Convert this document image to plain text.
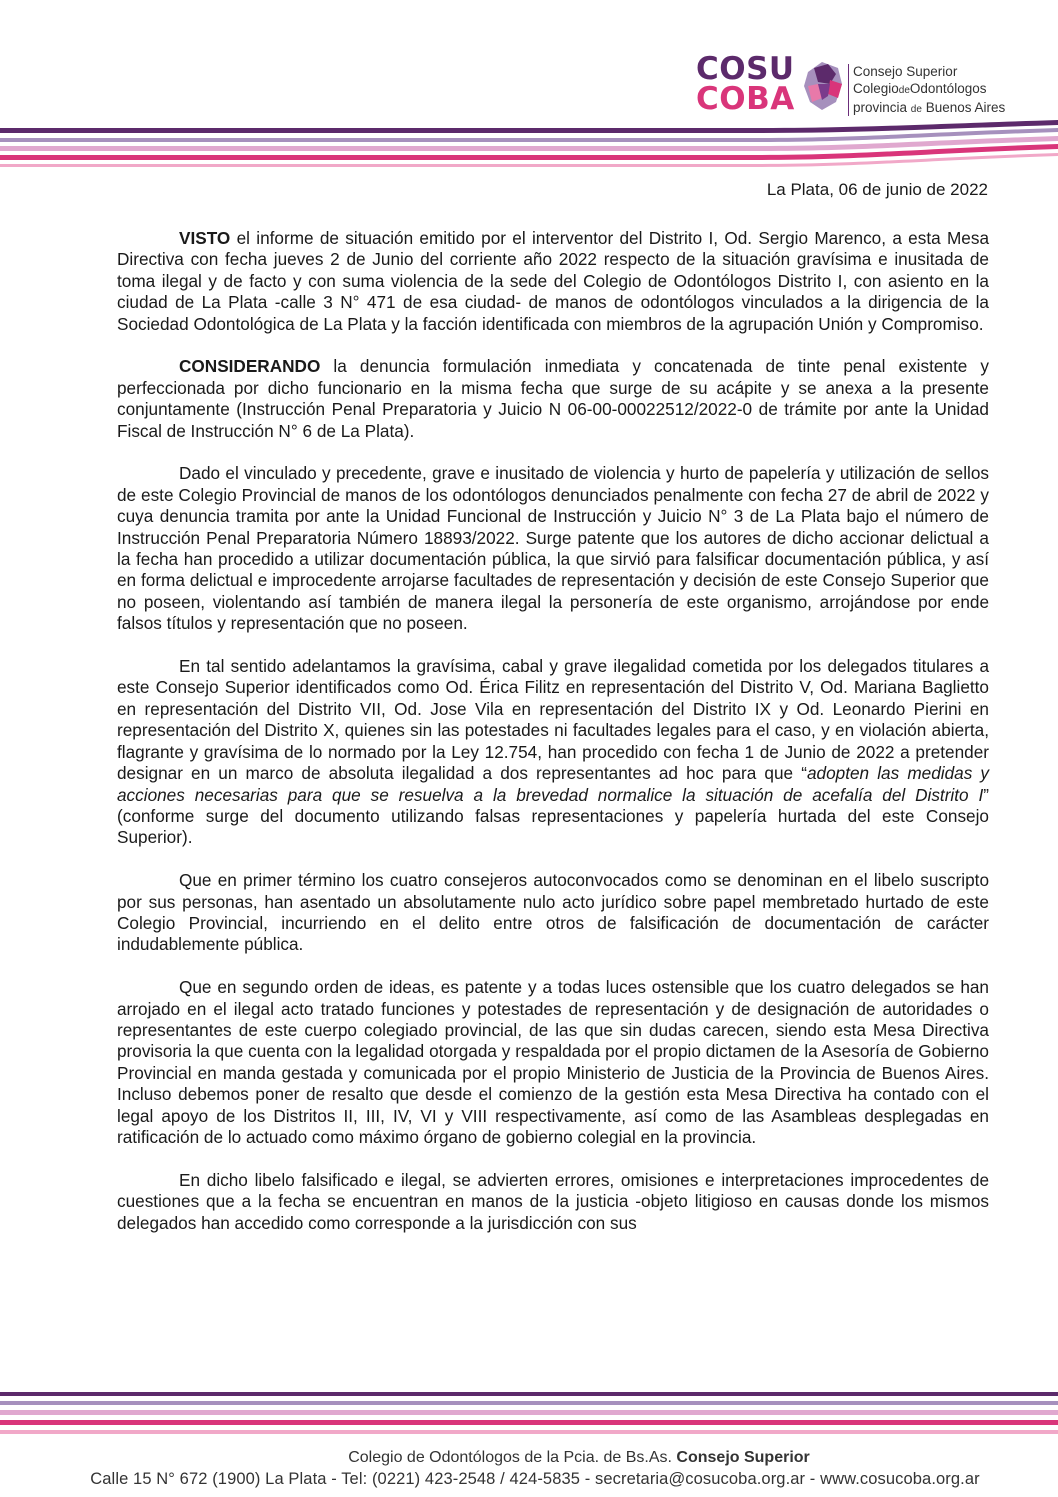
COSU
COBA
Consejo Superior
ColegiodeOdontólogos
provincia de Buenos Aires
La Plata, 06 de junio de 2022

VISTO el informe de situación emitido por el interventor del Distrito I, Od. Sergio Marenco, a esta Mesa Directiva con fecha jueves 2 de Junio del corriente año 2022 respecto de la situación gravísima e inusitada de toma ilegal y de facto y con suma violencia de la sede del Colegio de Odontólogos Distrito I, con asiento en la ciudad de La Plata -calle 3 N° 471 de esa ciudad- de manos de odontólogos vinculados a la dirigencia de la Sociedad Odontológica de La Plata y la facción identificada con miembros de la agrupación Unión y Compromiso.

CONSIDERANDO la denuncia formulación inmediata y concatenada de tinte penal existente y perfeccionada por dicho funcionario en la misma fecha que surge de su acápite y se anexa a la presente conjuntamente (Instrucción Penal Preparatoria y Juicio N 06-00-00022512/2022-0 de trámite por ante la Unidad Fiscal de Instrucción N° 6 de La Plata).

Dado el vinculado y precedente, grave e inusitado de violencia y hurto de papelería y utilización de sellos de este Colegio Provincial de manos de los odontólogos denunciados penalmente con fecha 27 de abril de 2022 y cuya denuncia tramita por ante la Unidad Funcional de Instrucción y Juicio N° 3 de La Plata bajo el número de Instrucción Penal Preparatoria Número 18893/2022. Surge patente que los autores de dicho accionar delictual a la fecha han procedido a utilizar documentación pública, la que sirvió para falsificar documentación pública, y así en forma delictual e improcedente arrojarse facultades de representación y decisión de este Consejo Superior que no poseen, violentando así también de manera ilegal la personería de este organismo, arrojándose por ende falsos títulos y representación que no poseen.

En tal sentido adelantamos la gravísima, cabal y grave ilegalidad cometida por los delegados titulares a este Consejo Superior identificados como Od. Érica Filitz en representación del Distrito V, Od. Mariana Baglietto en representación del Distrito VII, Od. Jose Vila en representación del Distrito IX y Od. Leonardo Pierini en representación del Distrito X, quienes sin las potestades ni facultades legales para el caso, y en violación abierta, flagrante y gravísima de lo normado por la Ley 12.754, han procedido con fecha 1 de Junio de 2022 a pretender designar en un marco de absoluta ilegalidad a dos representantes ad hoc para que “adopten las medidas y acciones necesarias para que se resuelva a la brevedad normalice la situación de acefalía del Distrito I” (conforme surge del documento utilizando falsas representaciones y papelería hurtada del este Consejo Superior).

Que en primer término los cuatro consejeros autoconvocados como se denominan en el libelo suscripto por sus personas, han asentado un absolutamente nulo acto jurídico sobre papel membretado hurtado de este Colegio Provincial, incurriendo en el delito entre otros de falsificación de documentación de carácter indudablemente pública.

Que en segundo orden de ideas, es patente y a todas luces ostensible que los cuatro delegados se han arrojado en el ilegal acto tratado funciones y potestades de representación y de designación de autoridades o representantes de este cuerpo colegiado provincial, de las que sin dudas carecen, siendo esta Mesa Directiva provisoria la que cuenta con la legalidad otorgada y respaldada por el propio dictamen de la Asesoría de Gobierno Provincial en manda gestada y comunicada por el propio Ministerio de Justicia de la Provincia de Buenos Aires. Incluso debemos poner de resalto que desde el comienzo de la gestión esta Mesa Directiva ha contado con el legal apoyo de los Distritos II, III, IV, VI y VIII respectivamente, así como de las Asambleas desplegadas en ratificación de lo actuado como máximo órgano de gobierno colegial en la provincia.

En dicho libelo falsificado e ilegal, se advierten errores, omisiones e interpretaciones improcedentes de cuestiones que a la fecha se encuentran en manos de la justicia -objeto litigioso en causas donde los mismos delegados han accedido como corresponde a la jurisdicción con sus

Colegio de Odontólogos de la Pcia. de Bs.As. Consejo Superior
Calle 15 N° 672 (1900) La Plata - Tel: (0221) 423-2548 / 424-5835 - secretaria@cosucoba.org.ar - www.cosucoba.org.ar
